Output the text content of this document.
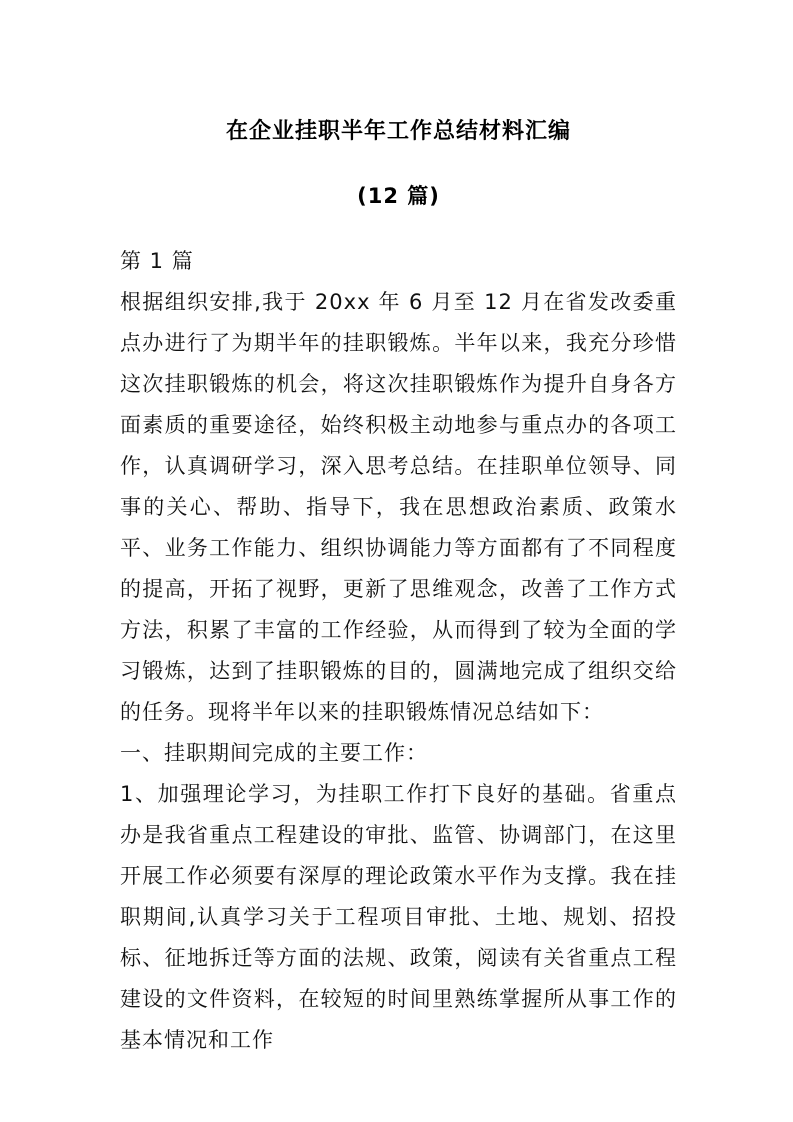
在企业挂职半年工作总结材料汇编
(12 篇)
第 1 篇

根据组织安排,我于 20xx 年 6 月至 12 月在省发改委重点办进行了为期半年的挂职锻炼。半年以来，我充分珍惜这次挂职锻炼的机会，将这次挂职锻炼作为提升自身各方面素质的重要途径，始终积极主动地参与重点办的各项工作，认真调研学习，深入思考总结。在挂职单位领导、同事的关心、帮助、指导下，我在思想政治素质、政策水平、业务工作能力、组织协调能力等方面都有了不同程度的提高，开拓了视野，更新了思维观念，改善了工作方式方法，积累了丰富的工作经验，从而得到了较为全面的学习锻炼，达到了挂职锻炼的目的，圆满地完成了组织交给的任务。现将半年以来的挂职锻炼情况总结如下：

一、挂职期间完成的主要工作：

1、加强理论学习，为挂职工作打下良好的基础。省重点办是我省重点工程建设的审批、监管、协调部门，在这里开展工作必须要有深厚的理论政策水平作为支撑。我在挂职期间,认真学习关于工程项目审批、土地、规划、招投标、征地拆迁等方面的法规、政策，阅读有关省重点工程建设的文件资料，在较短的时间里熟练掌握所从事工作的基本情况和工作
